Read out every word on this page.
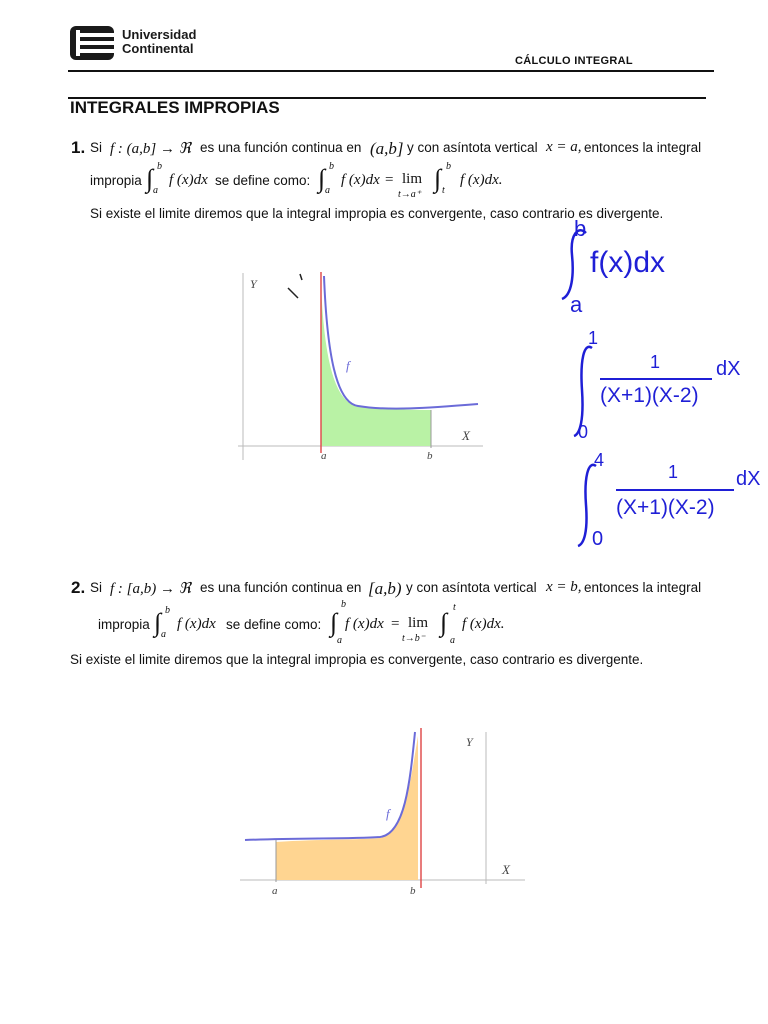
Universidad
Continental
CÁLCULO INTEGRAL
INTEGRALES IMPROPIAS
1. Si f : (a,b] → ℜ es una función continua en (a,b] y con asíntota vertical x = a, entonces la integral
impropia ∫ b
a
f (x)dx se define como: ∫ b
a
f (x)dx = lim
t→a⁺
∫ b
t
f (x)dx.
Si existe el limite diremos que la integral impropia es convergente, caso contrario es divergente.
Y
X
f
a	b
b
a
f(x)dx
1
0
1
(X+1)(X-2)
dX
4
0
1
(X+1)(X-2)
dX
2. Si f : [a,b) → ℜ es una función continua en [a,b) y con asíntota vertical x = b, entonces la integral
impropia ∫ b
a
f (x)dx se define como: ∫
b
a
f (x)dx = lim
t→b⁻
∫
t
a
f (x)dx.
Si existe el limite diremos que la integral impropia es convergente, caso contrario es divergente.
Y
X
f
a	b
